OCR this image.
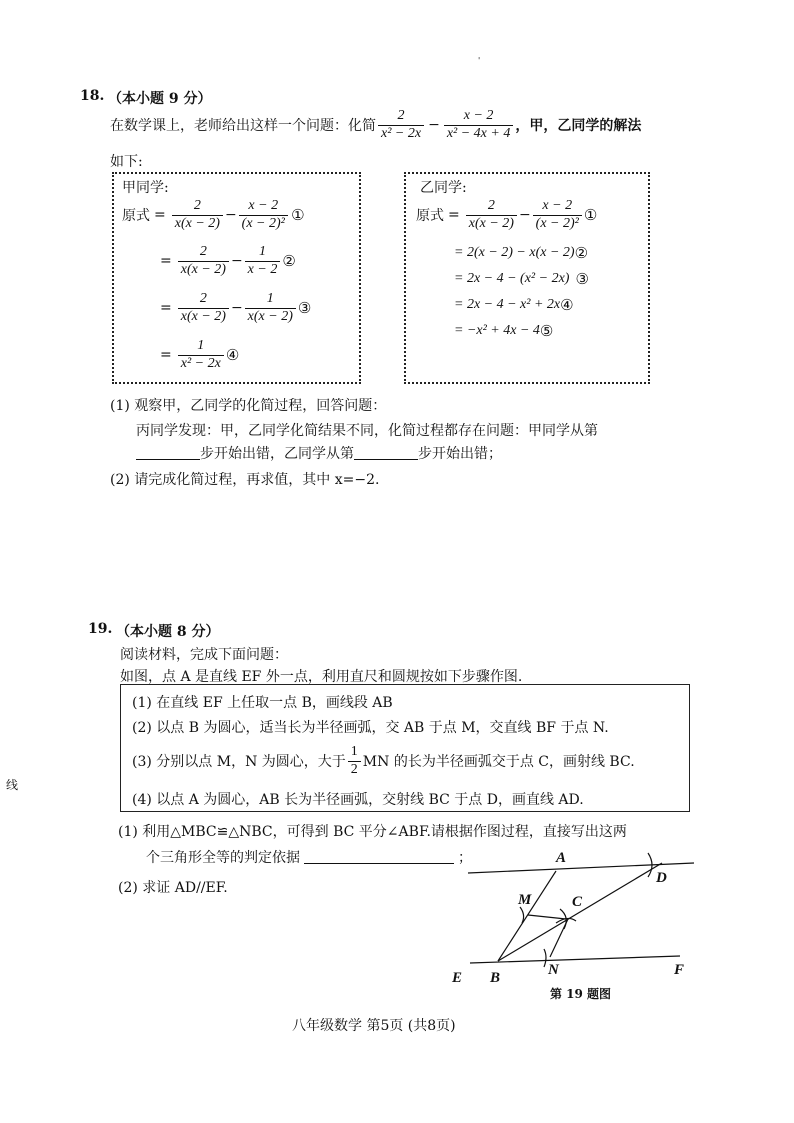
'
线
18. （本小题 9 分）
在数学课上，老师给出这样一个问题：化简 $\frac{2}{\text{x² − 2x}} - \frac{x - 2}{\text{x² − 4x + 4}}$ ，甲，乙同学的解法
如下:
甲同学:
原式 = $\frac{2}{x(x - 2)} - \frac{x - 2}{\text{(x − 2)²}}$ ①
= $\frac{2}{x(x - 2)} - \frac{1}{x - 2}$ ②
= $\frac{2}{x(x - 2)} - \frac{1}{x(x - 2)}$ ③
= $\frac{1}{\text{x² − 2x}}$ ④
乙同学:
原式 = $\frac{2}{x(x - 2)} - \frac{x - 2}{\text{(x − 2)²}}$ ①
= 2(x − 2) − x(x − 2) ②
= 2x − 4 − (x² − 2x) ③
= 2x − 4 − x² + 2x ④
= −x² + 4x − 4 ⑤
(1) 观察甲，乙同学的化简过程，回答问题：
丙同学发现：甲，乙同学化简结果不同，化简过程都存在问题：甲同学从第
步开始出错，乙同学从第	步开始出错；
(2) 请完成化简过程，再求值，其中 x=−2.
19. （本小题 8 分）
阅读材料，完成下面问题：
如图，点 A 是直线 EF 外一点，利用直尺和圆规按如下步骤作图.
(1) 在直线 EF 上任取一点 B，画线段 AB
(2) 以点 B 为圆心，适当长为半径画弧，交 AB 于点 M，交直线 BF 于点 N.
(3) 分别以点 M，N 为圆心，大于 $\frac{1}{2}$ MN 的长为半径画弧交于点 C，画射线 BC.
(4) 以点 A 为圆心，AB 长为半径画弧，交射线 BC 于点 D，画直线 AD.
(1) 利用△MBC≌△NBC，可得到 BC 平分∠ABF.请根据作图过程，直接写出这两
个三角形全等的判定依据	；
(2) 求证 AD//EF.
A
D
M	C
E B	N	F
第 19 题图
八年级数学 第5页 (共8页)
